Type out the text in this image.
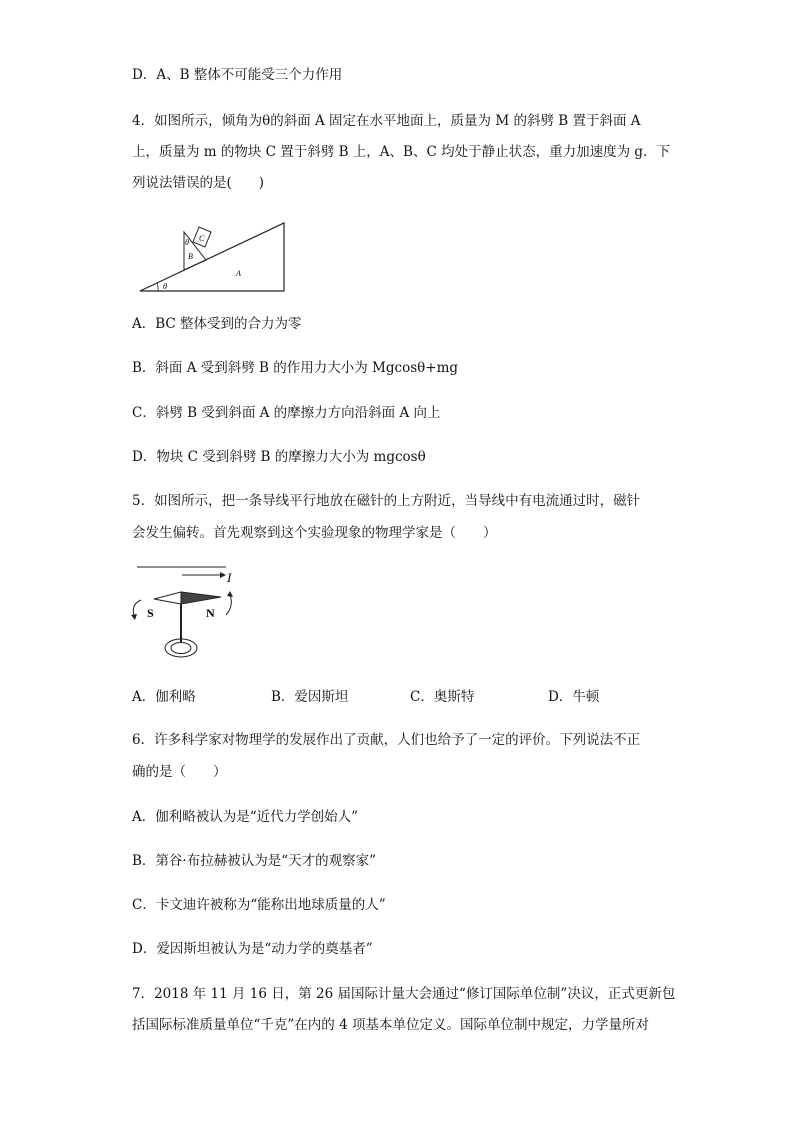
D．A、B 整体不可能受三个力作用
4．如图所示，倾角为θ的斜面 A 固定在水平地面上，质量为 M 的斜劈 B 置于斜面 A
上，质量为 m 的物块 C 置于斜劈 B 上，A、B、C 均处于静止状态，重力加速度为 g．下
列说法错误的是(　　)
θ C
B
A
θ
A．BC 整体受到的合力为零
B．斜面 A 受到斜劈 B 的作用力大小为 Mgcosθ+mg
C．斜劈 B 受到斜面 A 的摩擦力方向沿斜面 A 向上
D．物块 C 受到斜劈 B 的摩擦力大小为 mgcosθ
5．如图所示，把一条导线平行地放在磁针的上方附近，当导线中有电流通过时，磁针
会发生偏转。首先观察到这个实验现象的物理学家是（　　）
I
S	N
A．伽利略	B．爱因斯坦	C．奥斯特	D．牛顿
6．许多科学家对物理学的发展作出了贡献，人们也给予了一定的评价。下列说法不正
确的是（　　）
A．伽利略被认为是“近代力学创始人”
B．第谷·布拉赫被认为是“天才的观察家”
C．卡文迪许被称为“能称出地球质量的人”
D．爱因斯坦被认为是“动力学的奠基者”
7．2018 年 11 月 16 日，第 26 届国际计量大会通过“修订国际单位制”决议，正式更新包
括国际标准质量单位“千克”在内的 4 项基本单位定义。国际单位制中规定，力学量所对
